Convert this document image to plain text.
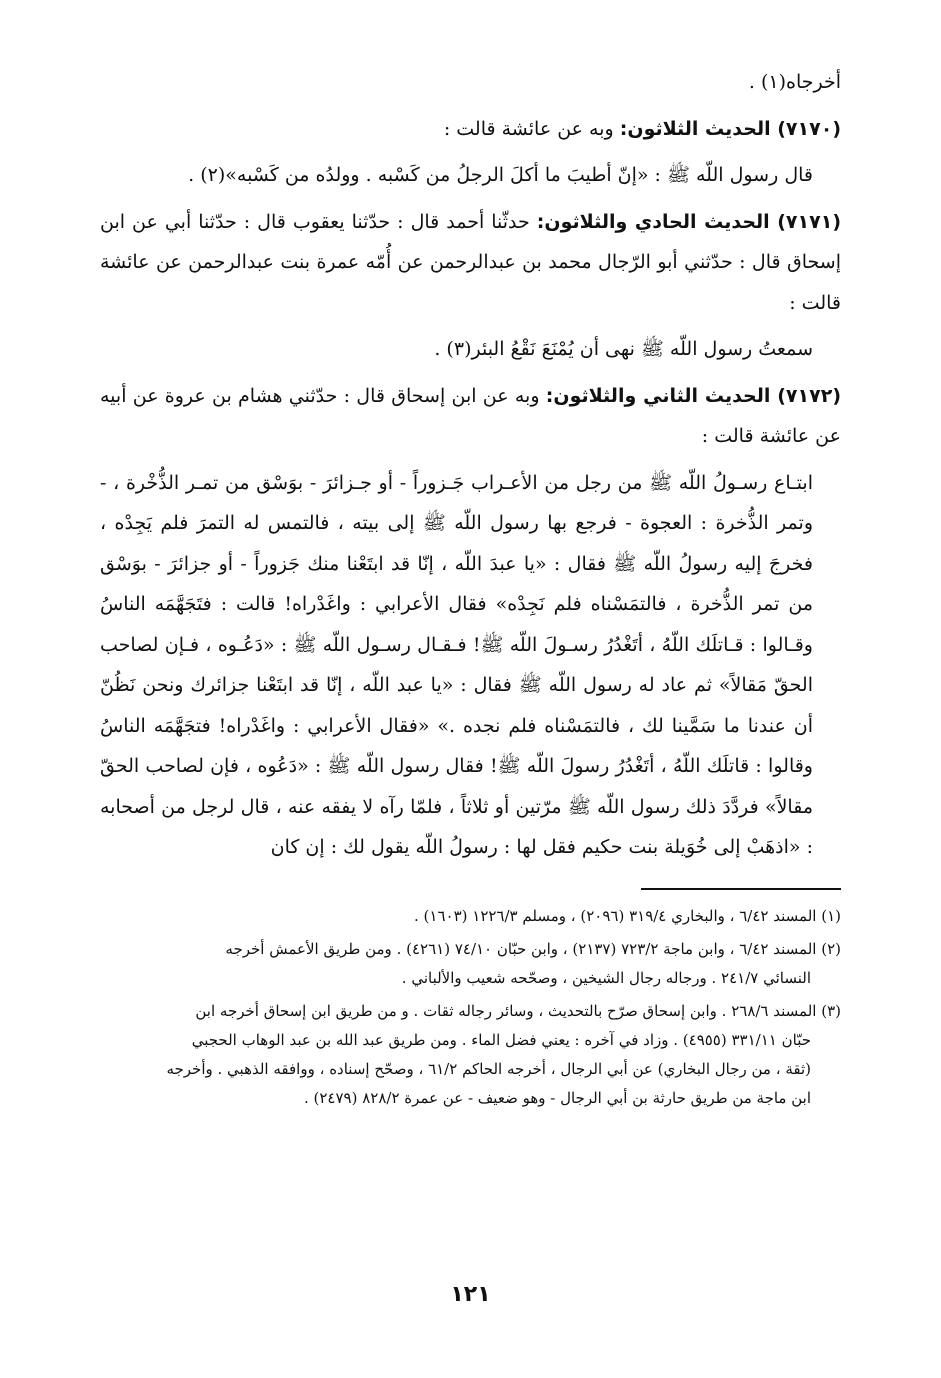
أخرجاه(١) .

(٧١٧٠) الحديث الثلاثون: وبه عن عائشة قالت :

قال رسول اللّه ﷺ : «إنّ أطيبَ ما أكلَ الرجلُ من كَسْبه . وولدُه من كَسْبه»(٢) .

(٧١٧١) الحديث الحادي والثلاثون: حدثّنا أحمد قال : حدّثنا يعقوب قال : حدّثنا أبي عن ابن إسحاق قال : حدّثني أبو الرّجال محمد بن عبدالرحمن عن أُمّه عمرة بنت عبدالرحمن عن عائشة قالت :

سمعتُ رسول اللّه ﷺ نهى أن يُمْنَعَ نَقْعُ البئر(٣) .

(٧١٧٢) الحديث الثاني والثلاثون: وبه عن ابن إسحاق قال : حدّثني هشام بن عروة عن أبيه عن عائشة قالت :

ابتـاع رسـولُ اللّه ﷺ من رجل من الأعـراب جَـزوراً - أو جـزائرَ - بوَسْق من تمـر الذُّخْرة ، - وتمر الذُّخرة : العجوة - فرجع بها رسول اللّه ﷺ إلى بيته ، فالتمس له التمرَ فلم يَجِدْه ، فخرجَ إليه رسولُ اللّه ﷺ فقال : «يا عبدَ اللّه ، إنّا قد ابتَعْنا منك جَزوراً - أو جزائرَ - بوَسْق من تمر الذُّخرة ، فالتمَسْناه فلم نَجِدْه» فقال الأعرابي : واغَدْراه! قالت : فتَجَهَّمَه الناسُ وقـالوا : قـاتلَك اللّهُ ، أتَغْدُرُ رسـولَ اللّه ﷺ! فـقـال رسـول اللّه ﷺ : «دَعُـوه ، فـإن لصاحب الحقّ مَقالاً» ثم عاد له رسول اللّه ﷺ فقال : «يا عبد اللّه ، إنّا قد ابتَعْنا جزائرك ونحن نَظُنّ أن عندنا ما سَمَّينا لك ، فالتمَسْناه فلم نجده .» «فقال الأعرابي : واغَدْراه! فتجَهَّمَه الناسُ وقالوا : قاتلَك اللّهُ ، أتَغْدُرُ رسولَ اللّه ﷺ! فقال رسول اللّه ﷺ : «دَعُوه ، فإن لصاحب الحقّ مقالاً» فردَّدَ ذلك رسول اللّه ﷺ مرّتين أو ثلاثاً ، فلمّا رآه لا يفقه عنه ، قال لرجل من أصحابه : «اذهَبْ إلى خُوَيلة بنت حكيم فقل لها : رسولُ اللّه يقول لك : إن كان

(١) المسند ٦/٤٢ ، والبخاري ٣١٩/٤ (٢٠٩٦) ، ومسلم ١٢٢٦/٣ (١٦٠٣) .

(٢) المسند ٦/٤٢ ، وابن ماجة ٧٢٣/٢ (٢١٣٧) ، وابن حبّان ٧٤/١٠ (٤٢٦١) . ومن طريق الأعمش أخرجه
النسائي ٢٤١/٧ . ورجاله رجال الشيخين ، وصحّحه شعيب والألباني .

(٣) المسند ٢٦٨/٦ . وابن إسحاق صرّح بالتحديث ، وسائر رجاله ثقات . و من طريق ابن إسحاق أخرجه ابن
حبّان ٣٣١/١١ (٤٩٥٥) . وزاد في آخره : يعني فضل الماء . ومن طريق عبد الله بن عبد الوهاب الحجبي
(ثقة ، من رجال البخاري) عن أبي الرجال ، أخرجه الحاكم ٦١/٢ ، وصحّح إسناده ، ووافقه الذهبي . وأخرجه
ابن ماجة من طريق حارثة بن أبي الرجال - وهو ضعيف - عن عمرة ٨٢٨/٢ (٢٤٧٩) .

١٢١
